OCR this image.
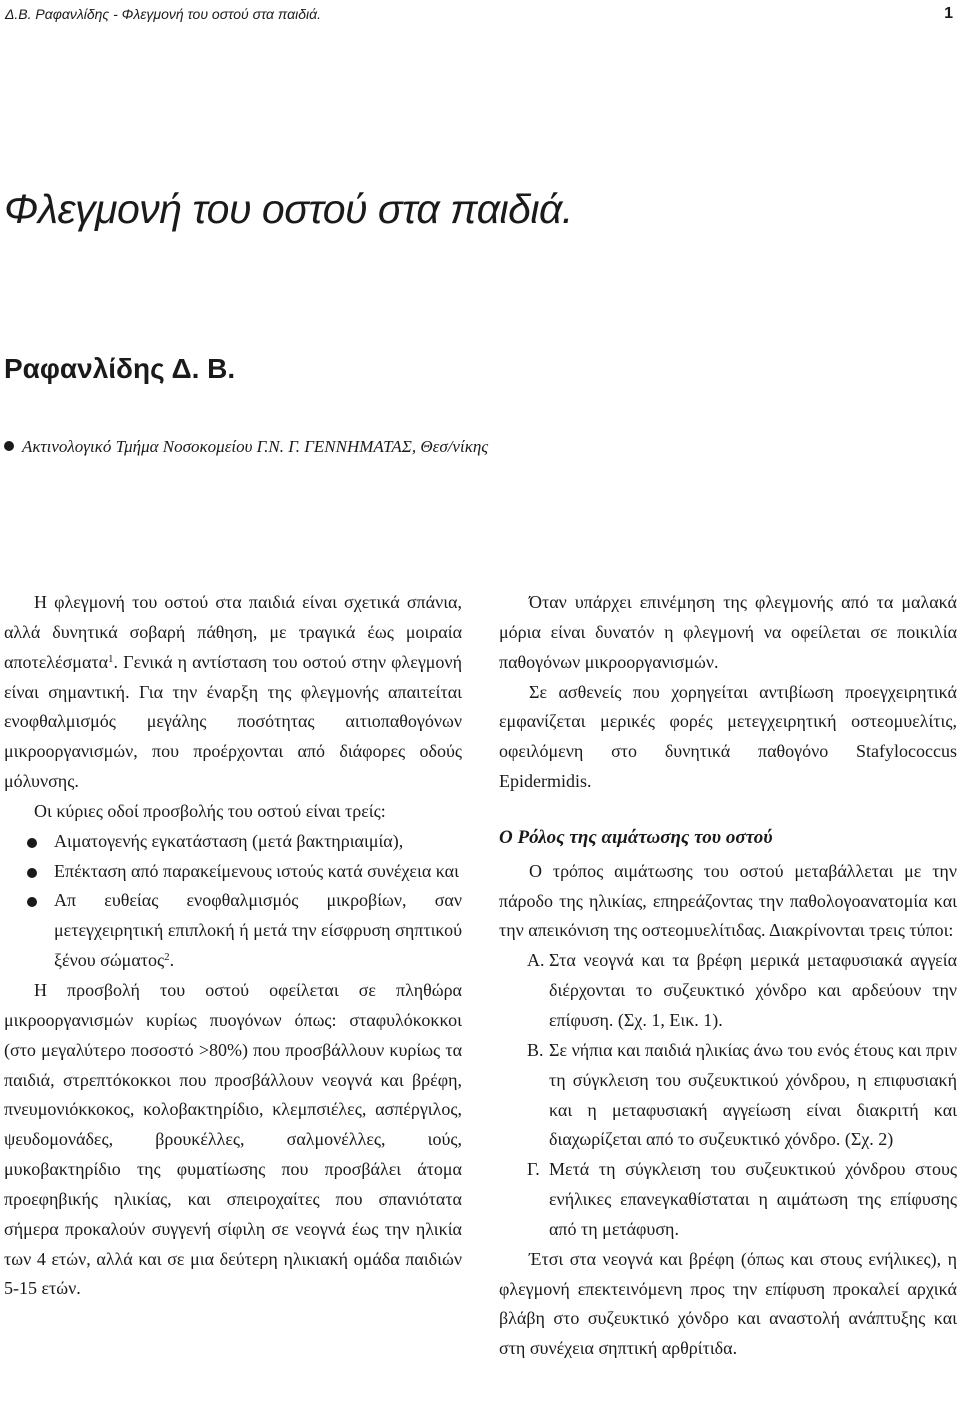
Δ.Β. Ραφανλίδης - Φλεγμονή του οστού στα παιδιά.	1
Φλεγμονή του οστού στα παιδιά.
Ραφανλίδης Δ. Β.
Ακτινολογικό Τμήμα Νοσοκομείου Γ.Ν. Γ. ΓΕΝΝΗΜΑΤΑΣ, Θεσ/νίκης

Η φλεγμονή του οστού στα παιδιά είναι σχετικά σπάνια, αλλά δυνητικά σοβαρή πάθηση, με τραγικά έως μοιραία αποτελέσματα$^1$. Γενικά η αντίσταση του οστού στην φλεγμονή είναι σημαντική. Για την έναρξη της φλεγμονής απαιτείται ενοφθαλμισμός μεγάλης ποσότητας αιτιοπαθογόνων μικροοργανισμών, που προέρχονται από διάφορες οδούς μόλυνσης.

Οι κύριες οδοί προσβολής του οστού είναι τρείς:

Αιματογενής εγκατάσταση (μετά βακτηριαιμία),
Επέκταση από παρακείμενους ιστούς κατά συνέχεια και
Απ ευθείας ενοφθαλμισμός μικροβίων, σαν μετεγχειρητική επιπλοκή ή μετά την είσφρυση σηπτικού ξένου σώματος$^2$.

Η προσβολή του οστού οφείλεται σε πληθώρα μικροοργανισμών κυρίως πυογόνων όπως: σταφυλόκοκκοι (στο μεγαλύτερο ποσοστό >80%) που προσβάλλουν κυρίως τα παιδιά, στρεπτόκοκκοι που προσβάλλουν νεογνά και βρέφη, πνευμονιόκκοκος, κολοβακτηρίδιο, κλεμπσιέλες, ασπέργιλος, ψευδομονάδες, βρουκέλλες, σαλμονέλλες, ιούς, μυκοβακτηρίδιο της φυματίωσης που προσβάλει άτομα προεφηβικής ηλικίας, και σπειροχαίτες που σπανιότατα σήμερα προκαλούν συγγενή σίφιλη σε νεογνά έως την ηλικία των 4 ετών, αλλά και σε μια δεύτερη ηλικιακή ομάδα παιδιών 5-15 ετών.

Όταν υπάρχει επινέμηση της φλεγμονής από τα μαλακά μόρια είναι δυνατόν η φλεγμονή να οφείλεται σε ποικιλία παθογόνων μικροοργανισμών.

Σε ασθενείς που χορηγείται αντιβίωση προεγχειρητικά εμφανίζεται μερικές φορές μετεγχειρητική οστεομυελίτις, οφειλόμενη στο δυνητικά παθογόνο Stafylococcus Epidermidis.

Ο Ρόλος της αιμάτωσης του οστού

Ο τρόπος αιμάτωσης του οστού μεταβάλλεται με την πάροδο της ηλικίας, επηρεάζοντας την παθολογοανατομία και την απεικόνιση της οστεομυελίτιδας. Διακρίνονται τρεις τύποι:

Α. Στα νεογνά και τα βρέφη μερικά μεταφυσιακά αγγεία διέρχονται το συζευκτικό χόνδρο και αρδεύουν την επίφυση. (Σχ. 1, Εικ. 1).
Β. Σε νήπια και παιδιά ηλικίας άνω του ενός έτους και πριν τη σύγκλειση του συζευκτικού χόνδρου, η επιφυσιακή και η μεταφυσιακή αγγείωση είναι διακριτή και διαχωρίζεται από το συζευκτικό χόνδρο. (Σχ. 2)
Γ. Μετά τη σύγκλειση του συζευκτικού χόνδρου στους ενήλικες επανεγκαθίσταται η αιμάτωση της επίφυσης από τη μετάφυση.

Έτσι στα νεογνά και βρέφη (όπως και στους ενήλικες), η φλεγμονή επεκτεινόμενη προς την επίφυση προκαλεί αρχικά βλάβη στο συζευκτικό χόνδρο και αναστολή ανάπτυξης και στη συνέχεια σηπτική αρθρίτιδα.
